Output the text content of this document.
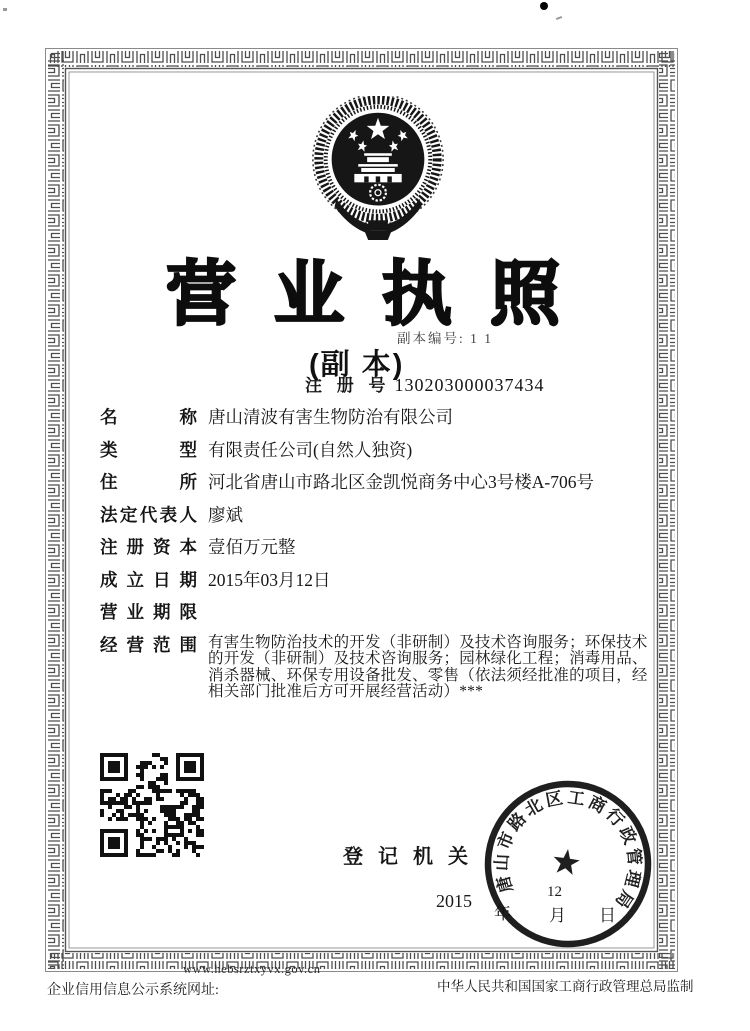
副本编号: 1 1
营业执照
注 册 号 130203000037434
(副 本)
名称 唐山清波有害生物防治有限公司
类型 有限责任公司(自然人独资)
住所 河北省唐山市路北区金凯悦商务中心3号楼A-706号
法定代表人 廖斌
注册资本 壹佰万元整
成立日期 2015年03月12日
营业期限
经营范围 有害生物防治技术的开发（非研制）及技术咨询服务；环保技术的开发（非研制）及技术咨询服务；园林绿化工程；消毒用品、消杀器械、环保专用设备批发、零售（依法须经批准的项目，经相关部门批准后方可开展经营活动）***
登记机关
2015
年
12
月 日
唐山市路北区工商行政管理局
www.hebsrztxyvx.gov.cn
企业信用信息公示系统网址:	中华人民共和国国家工商行政管理总局监制
